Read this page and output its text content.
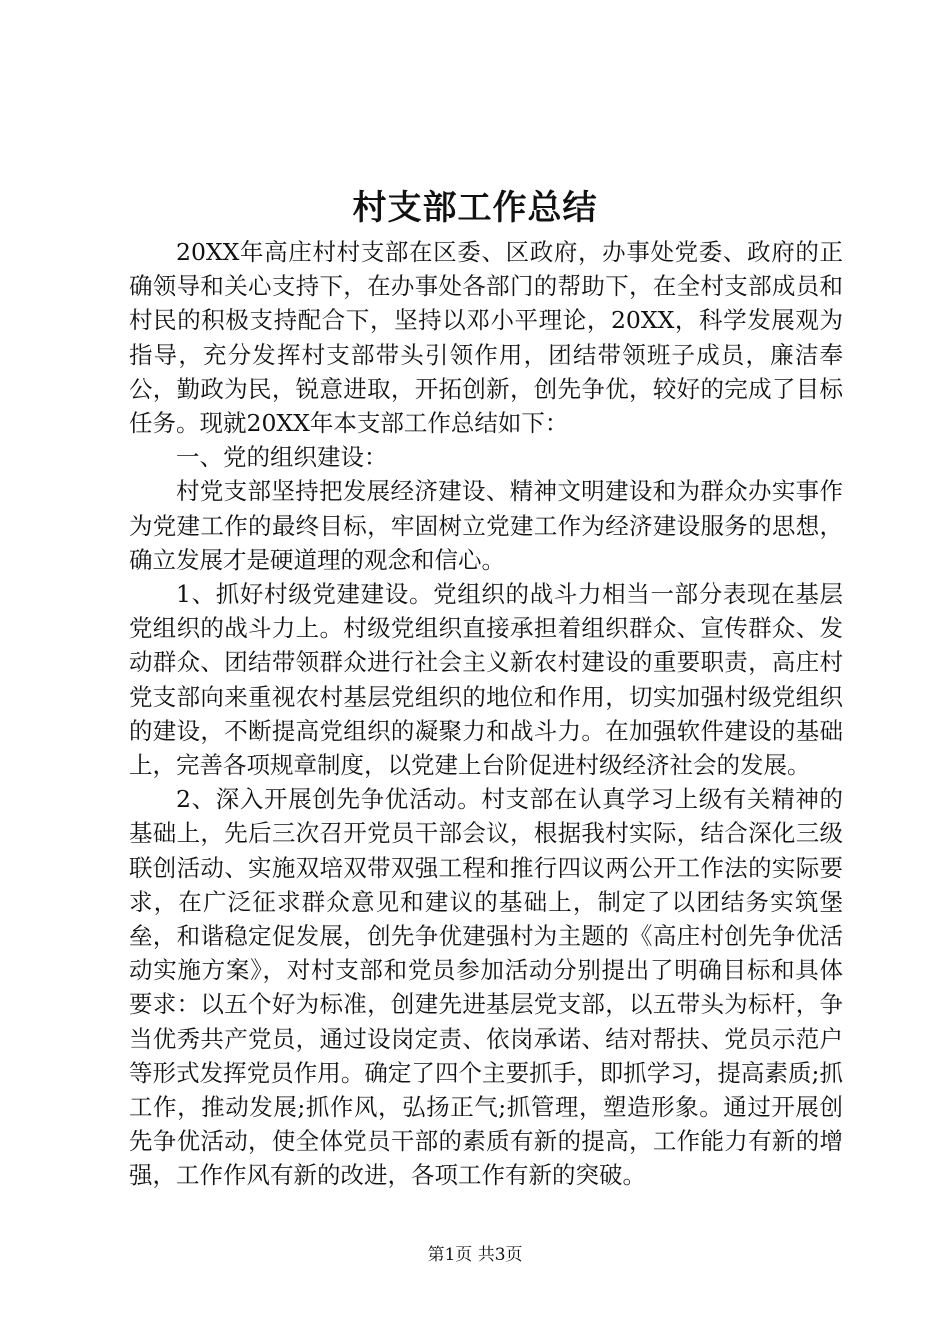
村支部工作总结

20XX年高庄村村支部在区委、区政府，办事处党委、政府的正确领导和关心支持下，在办事处各部门的帮助下，在全村支部成员和村民的积极支持配合下，坚持以邓小平理论，20XX，科学发展观为指导，充分发挥村支部带头引领作用，团结带领班子成员，廉洁奉公，勤政为民，锐意进取，开拓创新，创先争优，较好的完成了目标任务。现就20XX年本支部工作总结如下：

一、党的组织建设：

村党支部坚持把发展经济建设、精神文明建设和为群众办实事作为党建工作的最终目标，牢固树立党建工作为经济建设服务的思想，确立发展才是硬道理的观念和信心。

1、抓好村级党建建设。党组织的战斗力相当一部分表现在基层党组织的战斗力上。村级党组织直接承担着组织群众、宣传群众、发动群众、团结带领群众进行社会主义新农村建设的重要职责，高庄村党支部向来重视农村基层党组织的地位和作用，切实加强村级党组织的建设，不断提高党组织的凝聚力和战斗力。在加强软件建设的基础上，完善各项规章制度，以党建上台阶促进村级经济社会的发展。

2、深入开展创先争优活动。村支部在认真学习上级有关精神的基础上，先后三次召开党员干部会议，根据我村实际，结合深化三级联创活动、实施双培双带双强工程和推行四议两公开工作法的实际要求，在广泛征求群众意见和建议的基础上，制定了以团结务实筑堡垒，和谐稳定促发展，创先争优建强村为主题的《高庄村创先争优活动实施方案》，对村支部和党员参加活动分别提出了明确目标和具体要求：以五个好为标准，创建先进基层党支部，以五带头为标杆，争当优秀共产党员，通过设岗定责、依岗承诺、结对帮扶、党员示范户等形式发挥党员作用。确定了四个主要抓手，即抓学习，提高素质;抓工作，推动发展;抓作风，弘扬正气;抓管理，塑造形象。通过开展创先争优活动，使全体党员干部的素质有新的提高，工作能力有新的增强，工作作风有新的改进，各项工作有新的突破。

第1页 共3页
